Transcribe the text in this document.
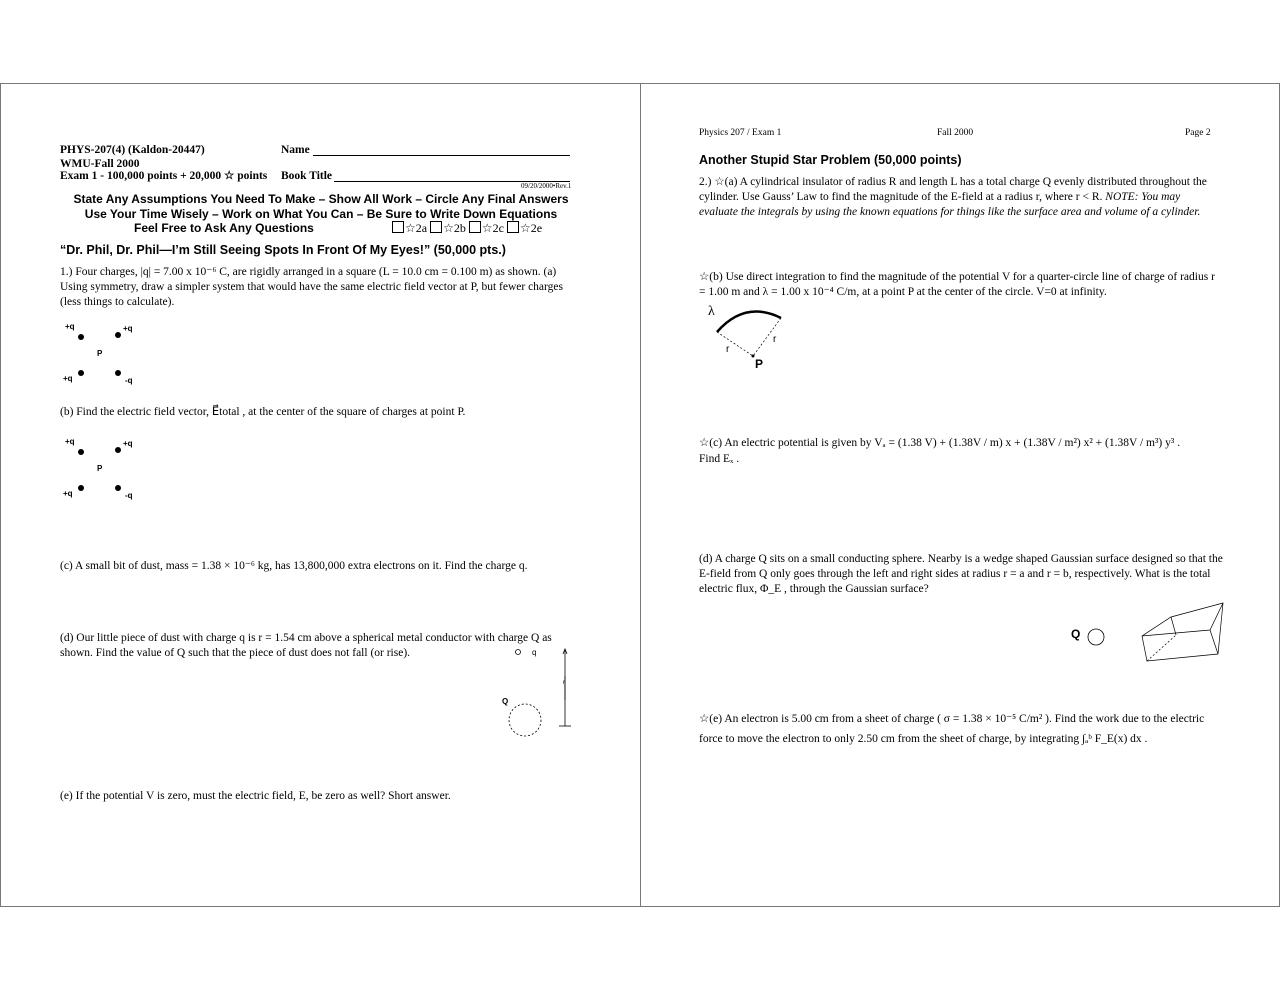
PHYS-207(4) (Kaldon-20447)
WMU-Fall 2000
Exam 1 - 100,000 points + 20,000 ☆ points
Name
Book Title
09/20/2000•Rev.1
State Any Assumptions You Need To Make – Show All Work – Circle Any Final Answers
Use Your Time Wisely – Work on What You Can – Be Sure to Write Down Equations
Feel Free to Ask Any Questions	☆2a ☆2b ☆2c ☆2e
“Dr. Phil, Dr. Phil—I’m Still Seeing Spots In Front Of My Eyes!” (50,000 pts.)
1.) Four charges, |q| = 7.00 x 10⁻⁶ C, are rigidly arranged in a square (L = 10.0 cm = 0.100 m) as shown. (a) Using symmetry, draw a simpler system that would have the same electric field vector at P, but fewer charges (less things to calculate).
+q	+q
+q	-q
P
(b) Find the electric field vector, E⃗total , at the center of the square of charges at point P.
+q	+q
+q	-q
P
(c) A small bit of dust, mass = 1.38 × 10⁻⁶ kg, has 13,800,000 extra electrons on it. Find the charge q.
(d) Our little piece of dust with charge q is r = 1.54 cm above a spherical metal conductor with charge Q as shown. Find the value of Q such that the piece of dust does not fall (or rise).	q
Q
r
(e) If the potential V is zero, must the electric field, E, be zero as well? Short answer.
Physics 207 / Exam 1	Fall 2000	Page 2
Another Stupid Star Problem (50,000 points)
2.) ☆(a) A cylindrical insulator of radius R and length L has a total charge Q evenly distributed throughout the cylinder. Use Gauss’ Law to find the magnitude of the E-field at a radius r, where r < R. NOTE: You may evaluate the integrals by using the known equations for things like the surface area and volume of a cylinder.
☆(b) Use direct integration to find the magnitude of the potential V for a quarter-circle line of charge of radius r = 1.00 m and λ = 1.00 x 10⁻⁴ C/m, at a point P at the center of the circle. V=0 at infinity.
λ
r
r
P
☆(c) An electric potential is given by Vₐ = (1.38 V) + (1.38V / m) x + (1.38V / m²) x² + (1.38V / m³) y³ .
Find Eₓ .
(d) A charge Q sits on a small conducting sphere. Nearby is a wedge shaped Gaussian surface designed so that the E-field from Q only goes through the left and right sides at radius r = a and r = b, respectively. What is the total electric flux, Φ_E , through the Gaussian surface?
Q
☆(e) An electron is 5.00 cm from a sheet of charge ( σ = 1.38 × 10⁻⁵ C/m² ). Find the work due to the electric force to move the electron to only 2.50 cm from the sheet of charge, by integrating ∫ₐᵇ F_E(x) dx .
